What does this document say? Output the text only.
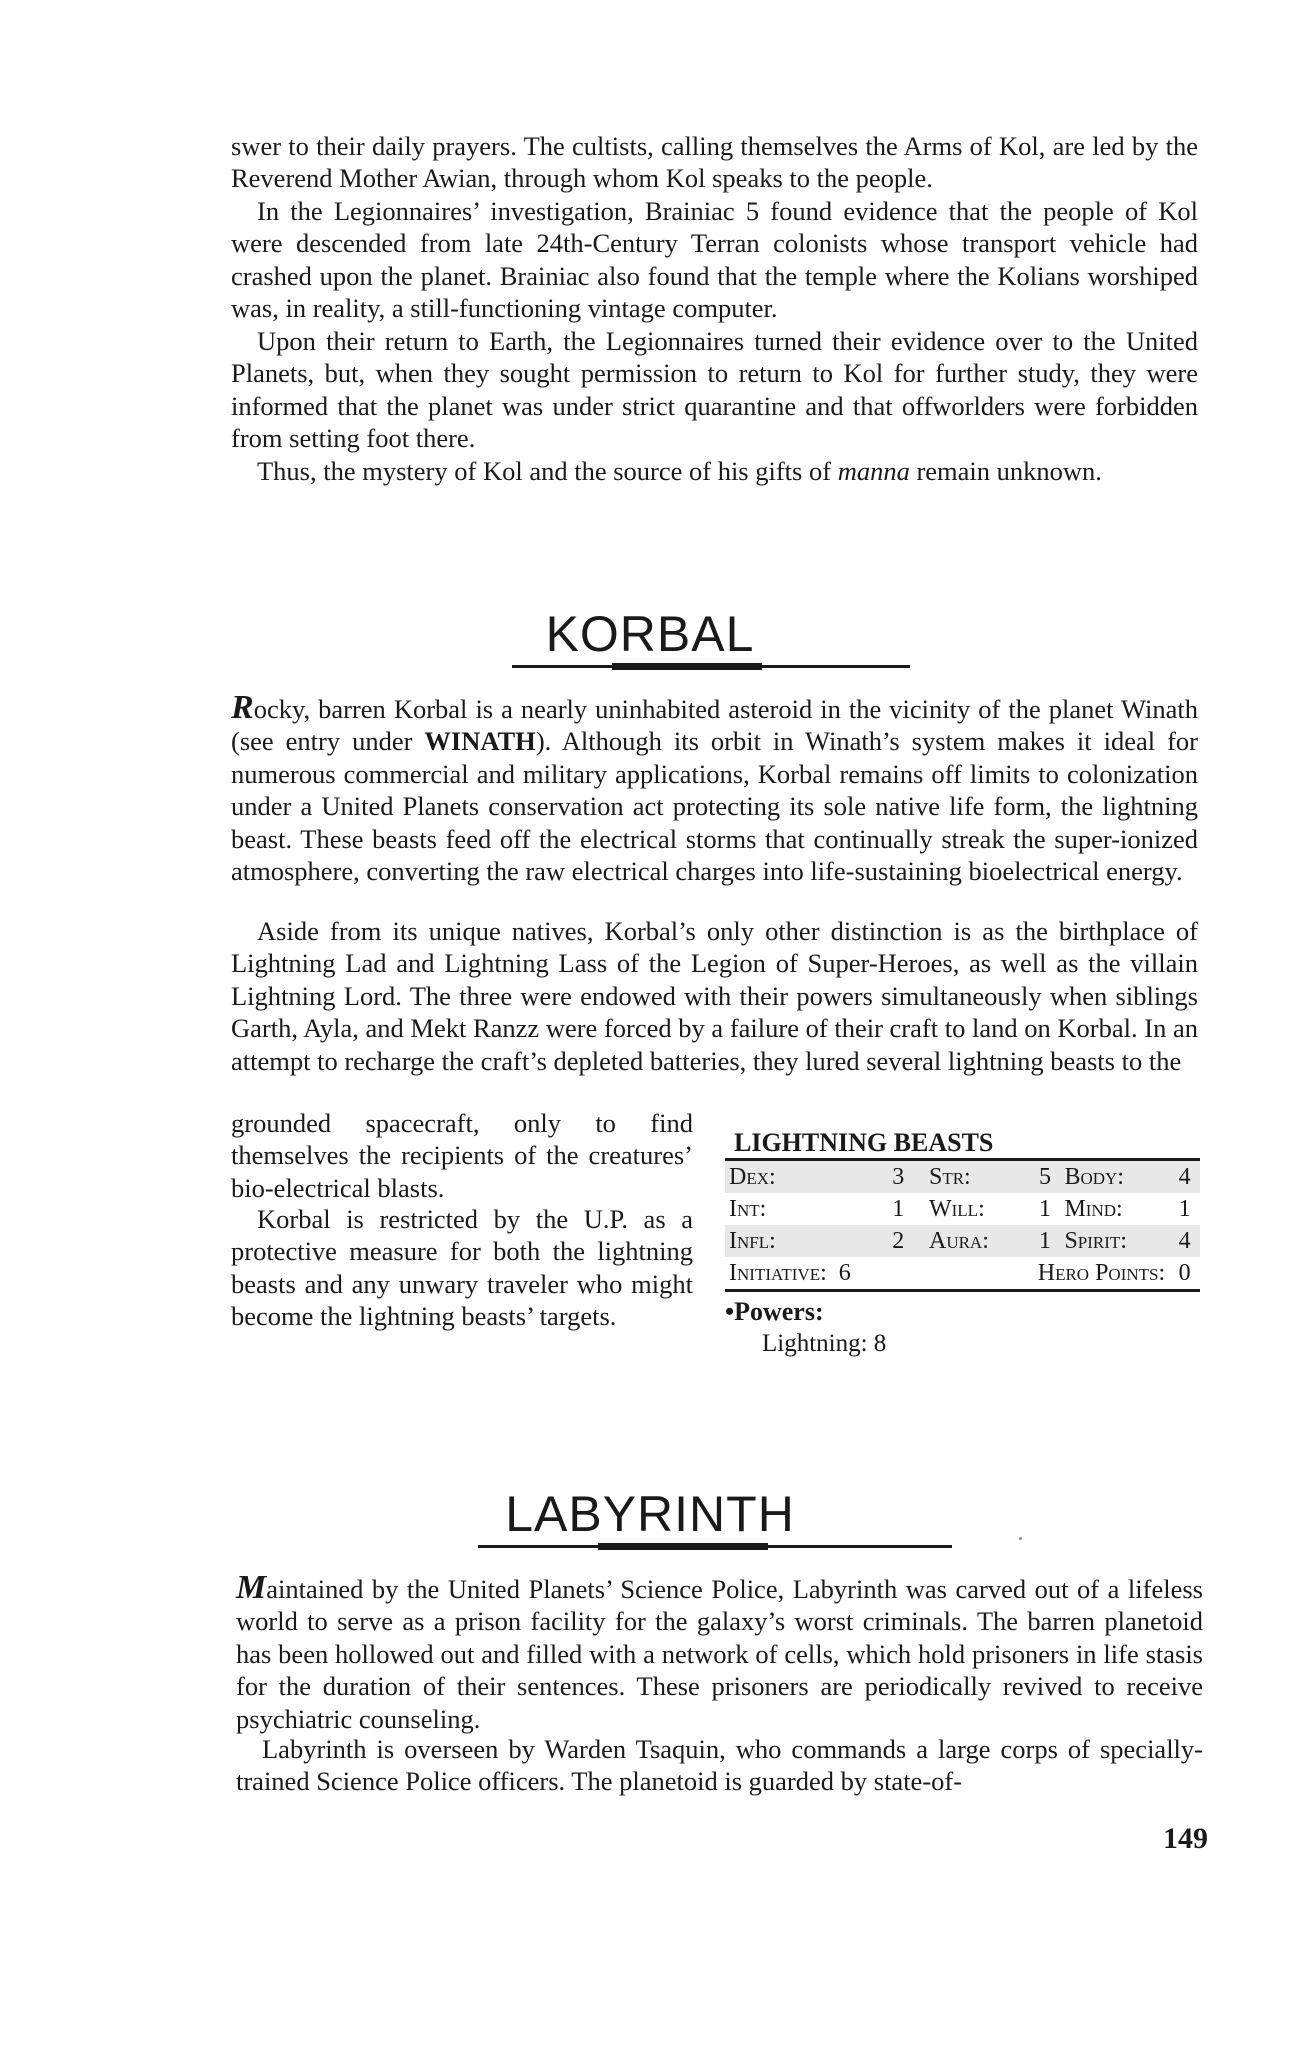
swer to their daily prayers. The cultists, calling themselves the Arms of Kol, are led by the Reverend Mother Awian, through whom Kol speaks to the people.

In the Legionnaires’ investigation, Brainiac 5 found evidence that the people of Kol were descended from late 24th-Century Terran colonists whose transport vehicle had crashed upon the planet. Brainiac also found that the temple where the Kolians worshiped was, in reality, a still-functioning vintage computer.

Upon their return to Earth, the Legionnaires turned their evidence over to the United Planets, but, when they sought permission to return to Kol for further study, they were informed that the planet was under strict quarantine and that offworlders were forbidden from setting foot there.

Thus, the mystery of Kol and the source of his gifts of manna remain unknown.

KORBAL

Rocky, barren Korbal is a nearly uninhabited asteroid in the vicinity of the planet Winath (see entry under WINATH). Although its orbit in Winath’s system makes it ideal for numerous commercial and military applications, Korbal remains off limits to colonization under a United Planets conservation act protecting its sole native life form, the lightning beast. These beasts feed off the electrical storms that continually streak the super-ionized atmosphere, converting the raw electrical charges into life-sustaining bioelectrical energy.

Aside from its unique natives, Korbal’s only other distinction is as the birthplace of Lightning Lad and Lightning Lass of the Legion of Super-Heroes, as well as the villain Lightning Lord. The three were endowed with their powers simultaneously when siblings Garth, Ayla, and Mekt Ranzz were forced by a failure of their craft to land on Korbal. In an attempt to recharge the craft’s depleted batteries, they lured several lightning beasts to the

grounded spacecraft, only to find themselves the recipients of the creatures’ bio-electrical blasts.

Korbal is restricted by the U.P. as a protective measure for both the lightning beasts and any unwary traveler who might become the lightning beasts’ targets.

LIGHTNING BEASTS

Dex:	3	Str:	5	Body:	4
Int:	1	Will:	1	Mind:	1
Infl:	2	Aura:	1	Spirit:	4
Initiative: 6		Hero Points:			0

•Powers:

Lightning: 8

LABYRINTH

Maintained by the United Planets’ Science Police, Labyrinth was carved out of a lifeless world to serve as a prison facility for the galaxy’s worst criminals. The barren planetoid has been hollowed out and filled with a network of cells, which hold prisoners in life stasis for the duration of their sentences. These prisoners are periodically revived to receive psychiatric counseling.

Labyrinth is overseen by Warden Tsaquin, who commands a large corps of specially-trained Science Police officers. The planetoid is guarded by state-of-

149
